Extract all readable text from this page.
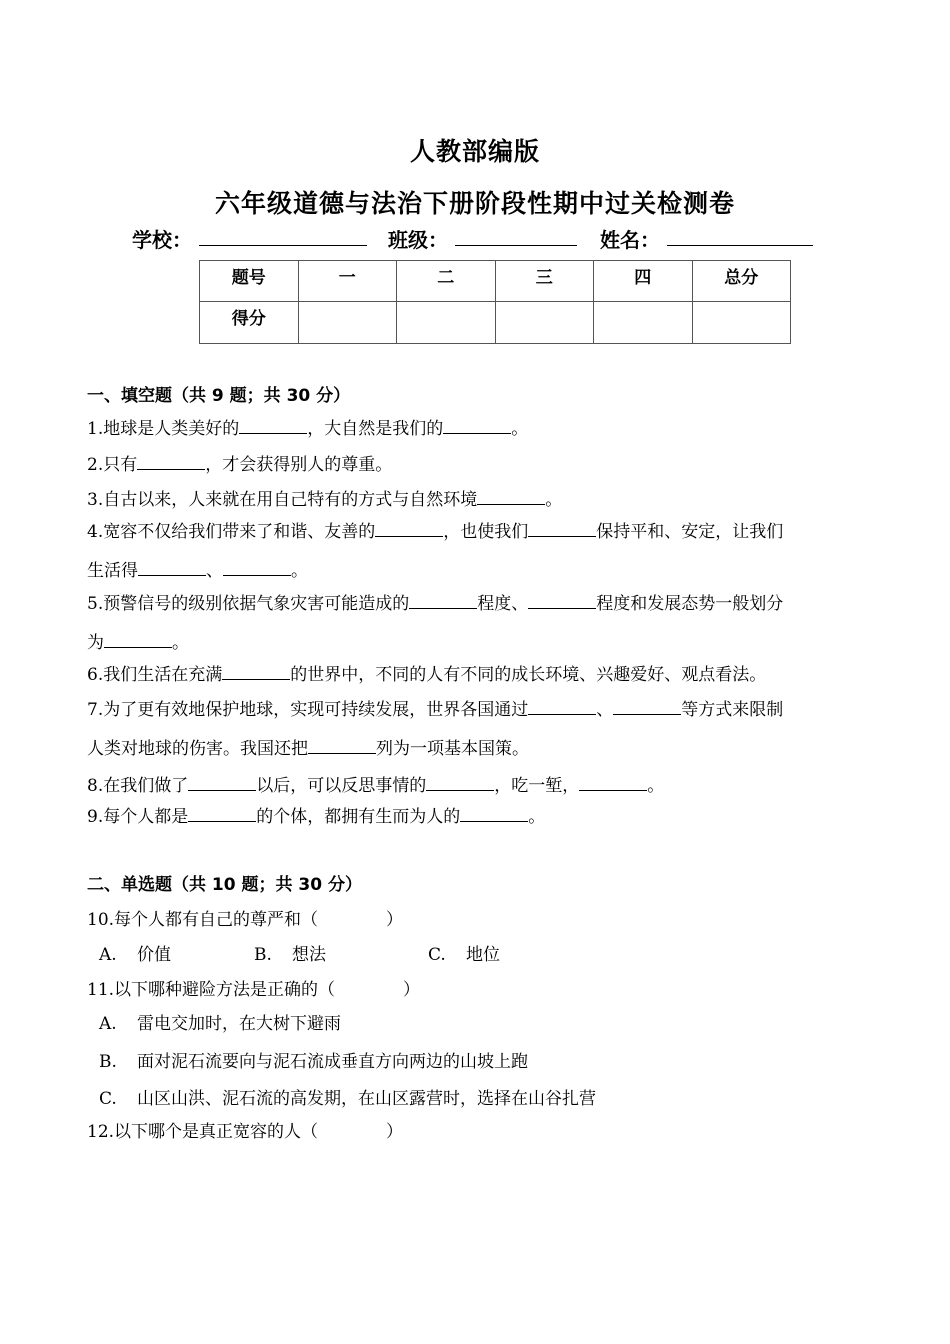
人教部编版
六年级道德与法治下册阶段性期中过关检测卷
学校：	班级：	姓名：
题号	一	二	三	四	总分
得分					
一、填空题（共 9 题；共 30 分）
1.地球是人类美好的	，大自然是我们的	。
2.只有	，才会获得别人的尊重。
3.自古以来，人来就在用自己特有的方式与自然环境	。
4.宽容不仅给我们带来了和谐、友善的	，也使我们	保持平和、安定，让我们
生活得	、	。
5.预警信号的级别依据气象灾害可能造成的	程度、	程度和发展态势一般划分
为	。
6.我们生活在充满	的世界中，不同的人有不同的成长环境、兴趣爱好、观点看法。
7.为了更有效地保护地球，实现可持续发展，世界各国通过	、	等方式来限制
人类对地球的伤害。我国还把	列为一项基本国策。
8.在我们做了	以后，可以反思事情的	，吃一堑，	。
9.每个人都是	的个体，都拥有生而为人的	。
二、单选题（共 10 题；共 30 分）
10.每个人都有自己的尊严和（　　　　）
A. 价值	B. 想法	C. 地位
11.以下哪种避险方法是正确的（　　　　）
A. 雷电交加时，在大树下避雨
B. 面对泥石流要向与泥石流成垂直方向两边的山坡上跑
C. 山区山洪、泥石流的高发期，在山区露营时，选择在山谷扎营
12.以下哪个是真正宽容的人（　　　　）
